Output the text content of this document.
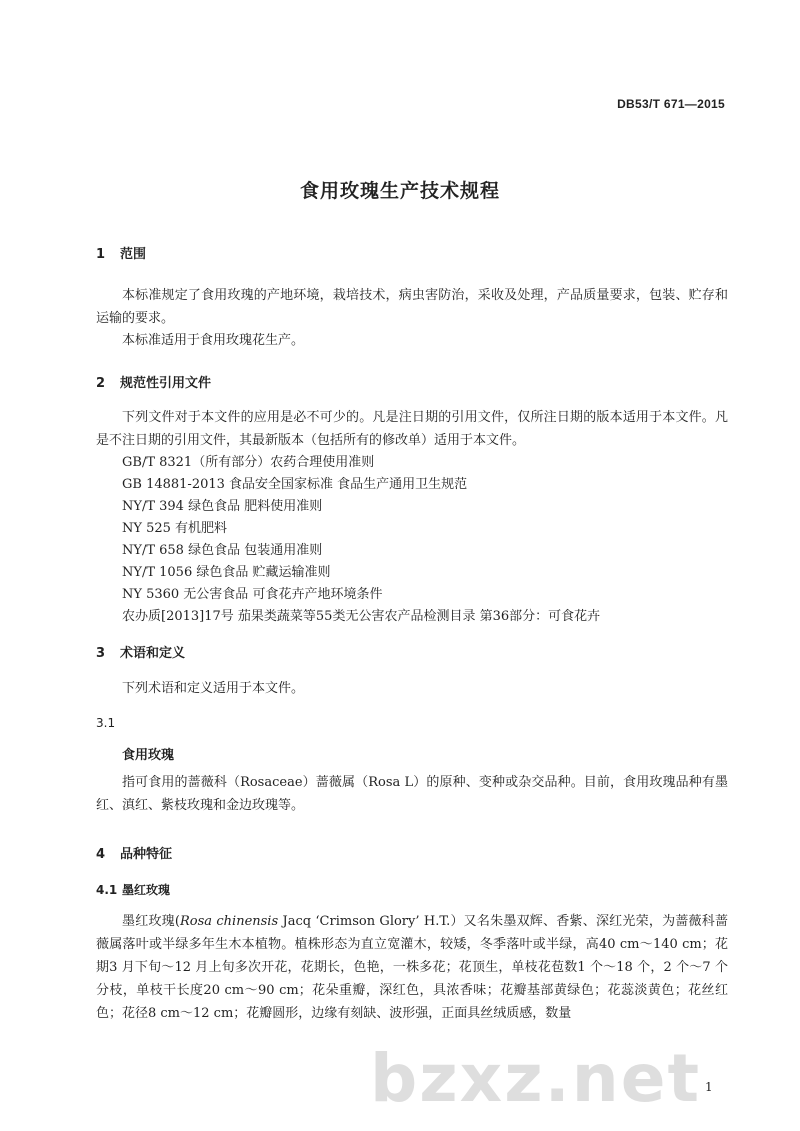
DB53/T 671—2015
食用玫瑰生产技术规程
1 范围
本标准规定了食用玫瑰的产地环境，栽培技术，病虫害防治，采收及处理，产品质量要求，包装、贮存和运输的要求。
本标准适用于食用玫瑰花生产。
2 规范性引用文件
下列文件对于本文件的应用是必不可少的。凡是注日期的引用文件，仅所注日期的版本适用于本文件。凡是不注日期的引用文件，其最新版本（包括所有的修改单）适用于本文件。
GB/T 8321（所有部分）农药合理使用准则
GB 14881-2013 食品安全国家标准 食品生产通用卫生规范
NY/T 394 绿色食品 肥料使用准则
NY 525 有机肥料
NY/T 658 绿色食品 包装通用准则
NY/T 1056 绿色食品 贮藏运输准则
NY 5360 无公害食品 可食花卉产地环境条件
农办质[2013]17号 茄果类蔬菜等55类无公害农产品检测目录 第36部分：可食花卉
3 术语和定义
下列术语和定义适用于本文件。
3.1
食用玫瑰
指可食用的蔷薇科（Rosaceae）蔷薇属（Rosa L）的原种、变种或杂交品种。目前，食用玫瑰品种有墨红、滇红、紫枝玫瑰和金边玫瑰等。
4 品种特征
4.1 墨红玫瑰
墨红玫瑰(Rosa chinensis Jacq ‘Crimson Glory’ H.T.）又名朱墨双辉、香紫、深红光荣，为蔷薇科蔷薇属落叶或半绿多年生木本植物。植株形态为直立宽灌木，较矮，冬季落叶或半绿，高40 cm～140 cm；花期3 月下旬～12 月上旬多次开花，花期长，色艳，一株多花；花顶生，单枝花苞数1 个～18 个，2 个～7 个分枝，单枝干长度20 cm～90 cm；花朵重瓣，深红色，具浓香味；花瓣基部黄绿色；花蕊淡黄色；花丝红色；花径8 cm～12 cm；花瓣圆形，边缘有刻缺、波形强，正面具丝绒质感，数量
bzxz.net 1
